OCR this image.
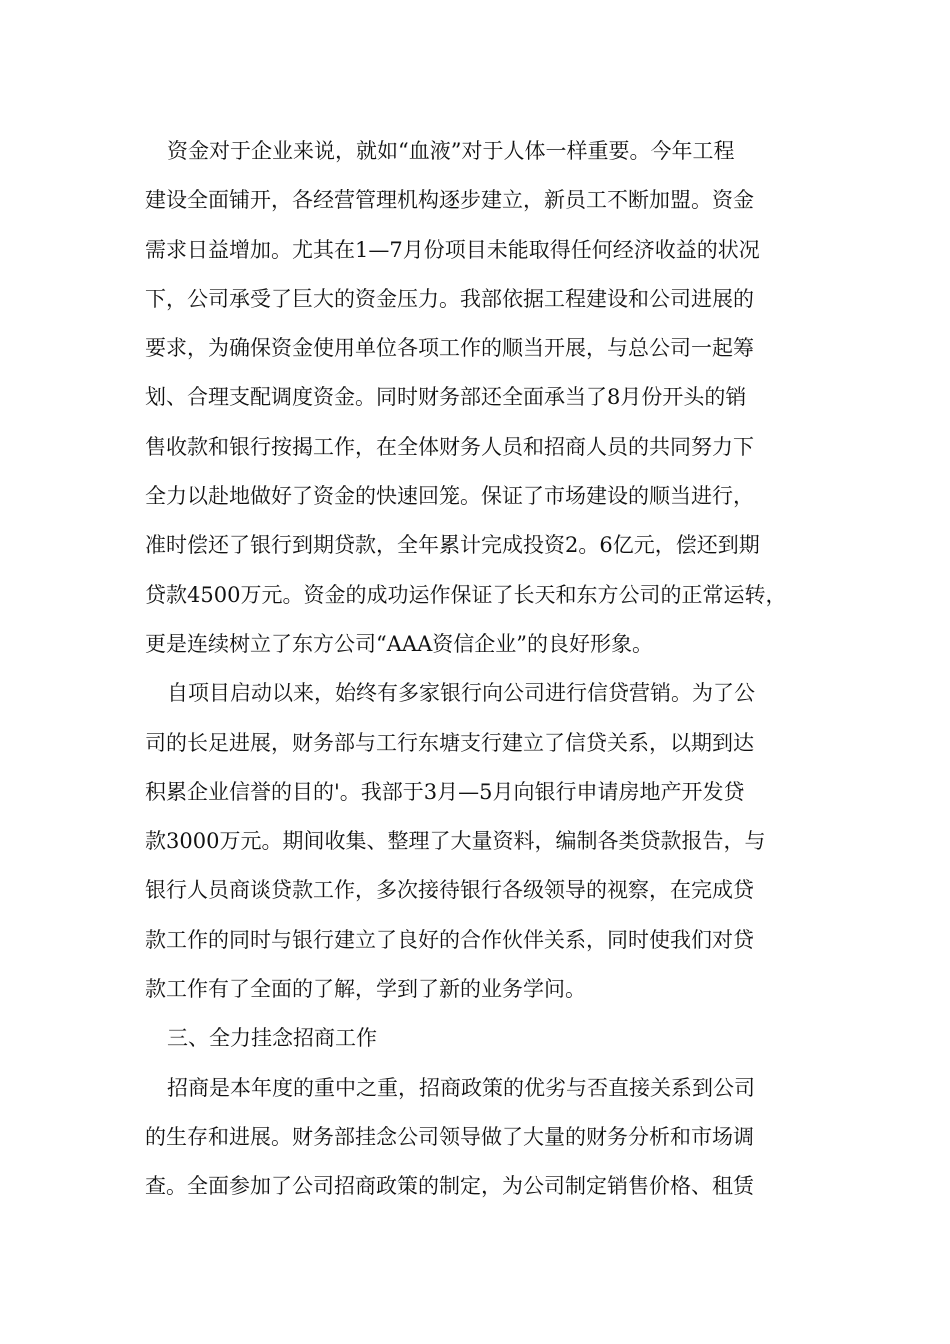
资金对于企业来说，就如“血液”对于人体一样重要。今年工程
建设全面铺开，各经营管理机构逐步建立，新员工不断加盟。资金
需求日益增加。尤其在1—7月份项目未能取得任何经济收益的状况
下，公司承受了巨大的资金压力。我部依据工程建设和公司进展的
要求，为确保资金使用单位各项工作的顺当开展，与总公司一起筹
划、合理支配调度资金。同时财务部还全面承当了8月份开头的销
售收款和银行按揭工作，在全体财务人员和招商人员的共同努力下
全力以赴地做好了资金的快速回笼。保证了市场建设的顺当进行，
准时偿还了银行到期贷款，全年累计完成投资2。6亿元，偿还到期
贷款4500万元。资金的成功运作保证了长天和东方公司的正常运转，
更是连续树立了东方公司“AAA资信企业”的良好形象。
自项目启动以来，始终有多家银行向公司进行信贷营销。为了公
司的长足进展，财务部与工行东塘支行建立了信贷关系，以期到达
积累企业信誉的目的'。我部于3月—5月向银行申请房地产开发贷
款3000万元。期间收集、整理了大量资料，编制各类贷款报告，与
银行人员商谈贷款工作，多次接待银行各级领导的视察，在完成贷
款工作的同时与银行建立了良好的合作伙伴关系，同时使我们对贷
款工作有了全面的了解，学到了新的业务学问。
三、全力挂念招商工作
招商是本年度的重中之重，招商政策的优劣与否直接关系到公司
的生存和进展。财务部挂念公司领导做了大量的财务分析和市场调
查。全面参加了公司招商政策的制定，为公司制定销售价格、租赁
